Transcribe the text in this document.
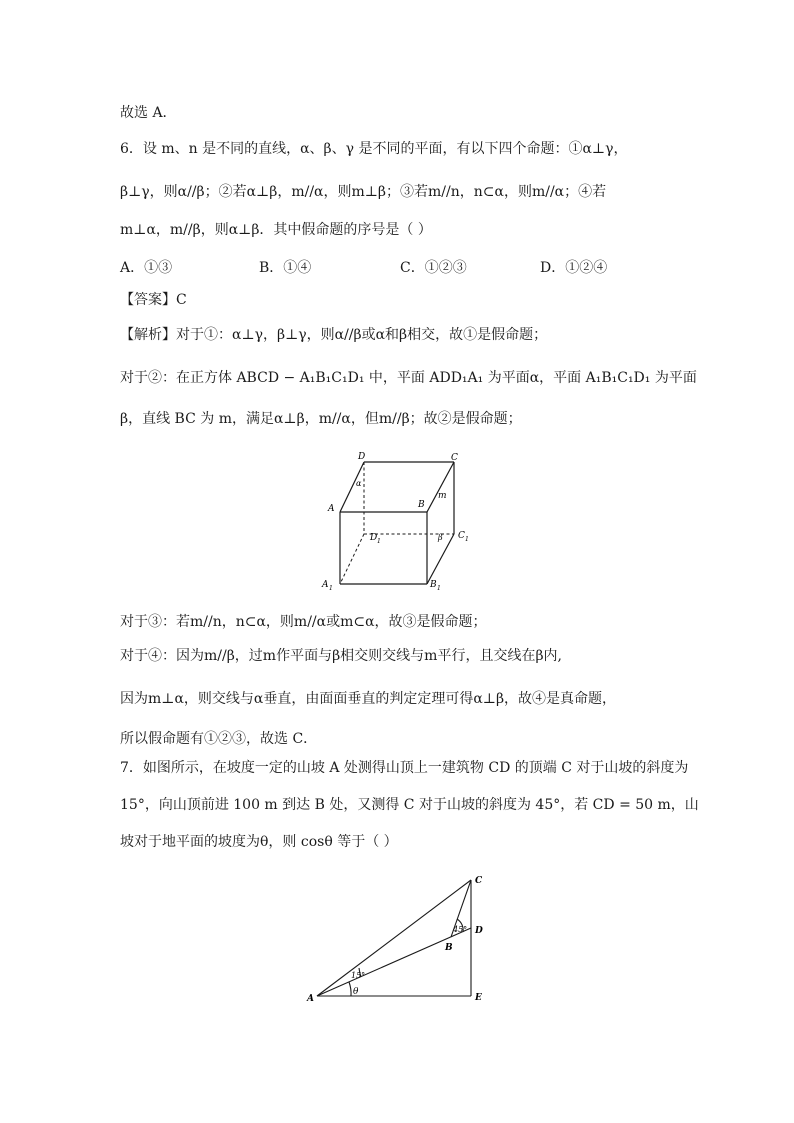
故选 A．
6．设 m、n 是不同的直线，α、β、γ 是不同的平面，有以下四个命题：①α⊥γ，
β⊥γ，则α//β；②若α⊥β，m//α，则m⊥β；③若m//n，n⊂α，则m//α；④若
m⊥α，m//β，则α⊥β．其中假命题的序号是（ ）
A．①③	B．①④	C．①②③	D．①②④
【答案】C
【解析】对于①：α⊥γ，β⊥γ，则α//β或α和β相交，故①是假命题；
对于②：在正方体 ABCD − A₁B₁C₁D₁ 中，平面 ADD₁A₁ 为平面α，平面 A₁B₁C₁D₁ 为平面
β，直线 BC 为 m，满足α⊥β，m//α，但m//β；故②是假命题；
D	C
A	B
D 1
C 1
A 1	B 1
α
β
m
对于③：若m//n，n⊂α，则m//α或m⊂α，故③是假命题；
对于④：因为m//β，过m作平面与β相交则交线与m平行，且交线在β内,
因为m⊥α，则交线与α垂直，由面面垂直的判定定理可得α⊥β，故④是真命题，
所以假命题有①②③，故选 C．
7．如图所示，在坡度一定的山坡 A 处测得山顶上一建筑物 CD 的顶端 C 对于山坡的斜度为
15°，向山顶前进 100 m 到达 B 处，又测得 C 对于山坡的斜度为 45°，若 CD = 50 m，山
坡对于地平面的坡度为θ，则 cosθ 等于（ ）
A
B
C
D
E
15°
45°
θ
